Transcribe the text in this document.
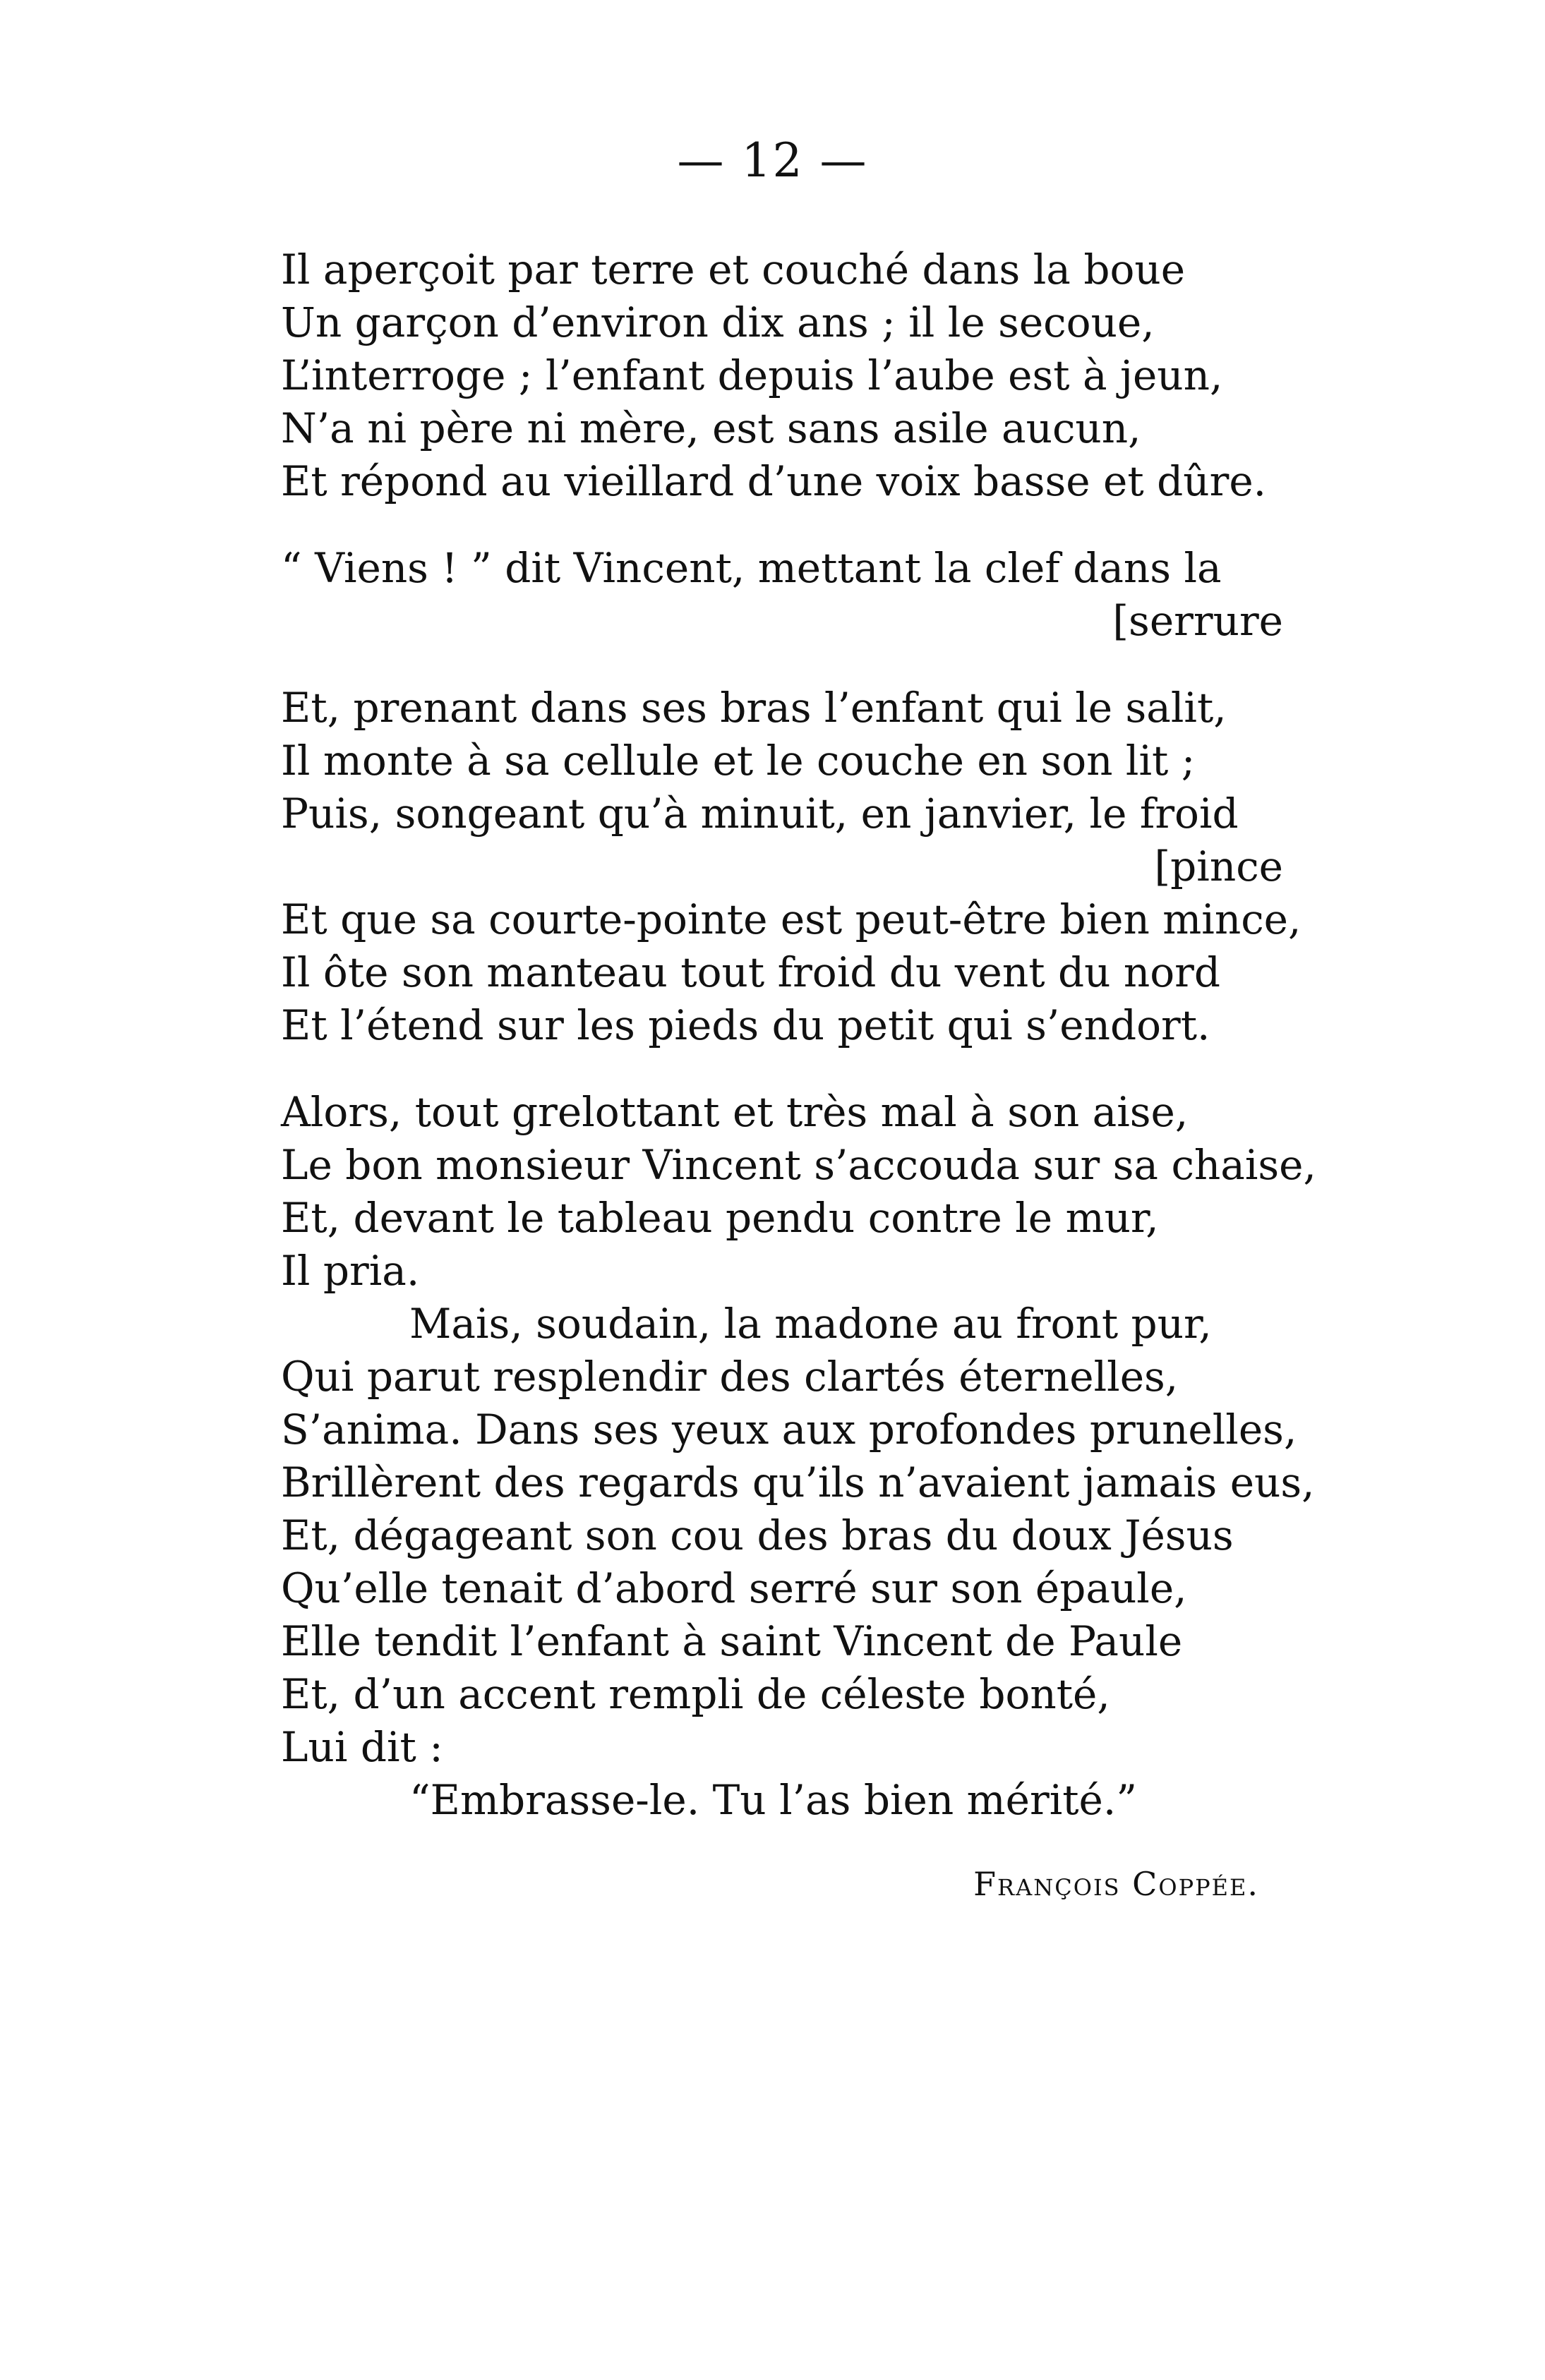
— 12 —
Il aperçoit par terre et couché dans la boue
Un garçon d’environ dix ans ; il le secoue,
L’interroge ; l’enfant depuis l’aube est à jeun,
N’a ni père ni mère, est sans asile aucun,
Et répond au vieillard d’une voix basse et dûre.
“ Viens ! ” dit Vincent, mettant la clef dans la
[serrure
Et, prenant dans ses bras l’enfant qui le salit,
Il monte à sa cellule et le couche en son lit ;
Puis, songeant qu’à minuit, en janvier, le froid
[pince
Et que sa courte-pointe est peut-être bien mince,
Il ôte son manteau tout froid du vent du nord
Et l’étend sur les pieds du petit qui s’endort.
Alors, tout grelottant et très mal à son aise,
Le bon monsieur Vincent s’accouda sur sa chaise,
Et, devant le tableau pendu contre le mur,
Il pria.
Mais, soudain, la madone au front pur,
Qui parut resplendir des clartés éternelles,
S’anima. Dans ses yeux aux profondes prunelles,
Brillèrent des regards qu’ils n’avaient jamais eus,
Et, dégageant son cou des bras du doux Jésus
Qu’elle tenait d’abord serré sur son épaule,
Elle tendit l’enfant à saint Vincent de Paule
Et, d’un accent rempli de céleste bonté,
Lui dit :
“Embrasse-le. Tu l’as bien mérité.”
François Coppée.
